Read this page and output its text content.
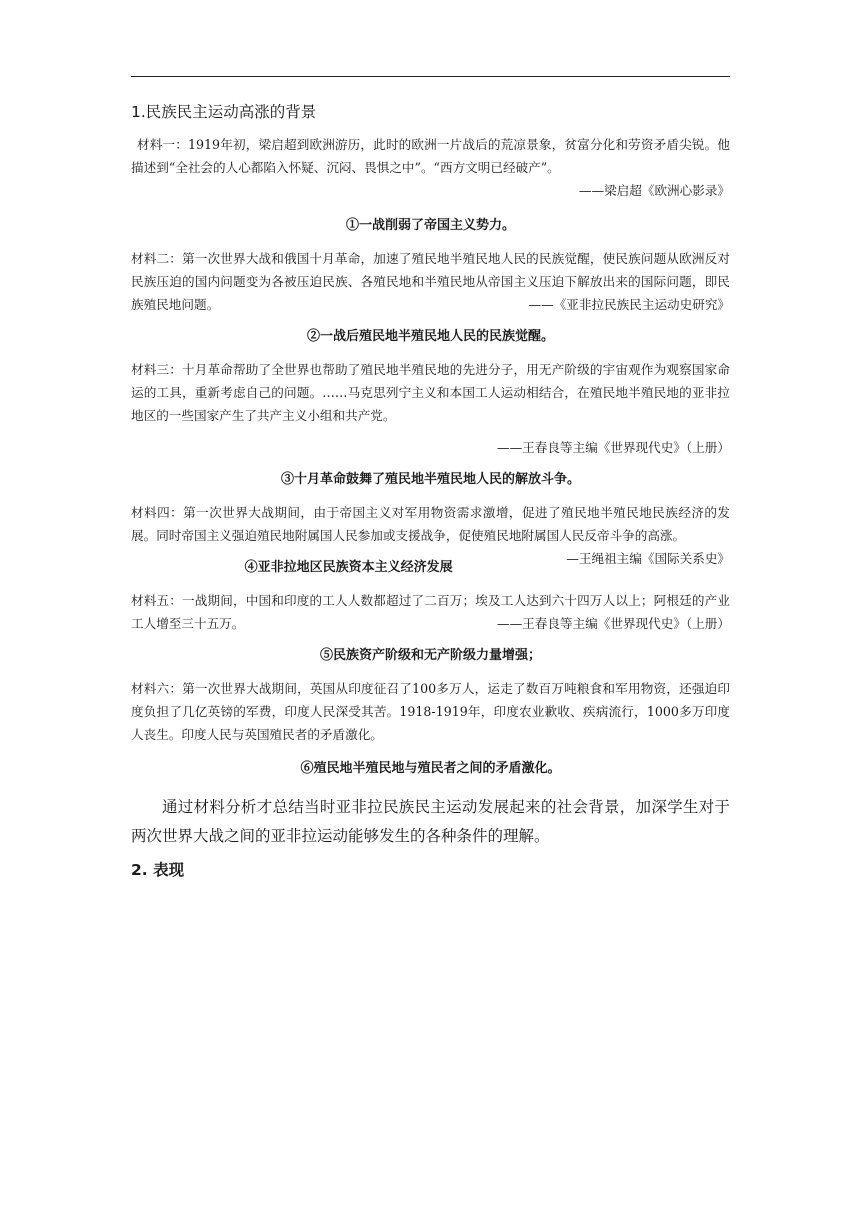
1.民族民主运动高涨的背景

材料一：1919年初，梁启超到欧洲游历，此时的欧洲一片战后的荒凉景象，贫富分化和劳资矛盾尖锐。他描述到“全社会的人心都陷入怀疑、沉闷、畏惧之中”。“西方文明已经破产”。

——梁启超《欧洲心影录》

①一战削弱了帝国主义势力。

材料二：第一次世界大战和俄国十月革命，加速了殖民地半殖民地人民的民族觉醒，使民族问题从欧洲反对民族压迫的国内问题变为各被压迫民族、各殖民地和半殖民地从帝国主义压迫下解放出来的国际问题，即民族殖民地问题。	——《亚非拉民族民主运动史研究》

②一战后殖民地半殖民地人民的民族觉醒。

材料三：十月革命帮助了全世界也帮助了殖民地半殖民地的先进分子，用无产阶级的宇宙观作为观察国家命运的工具，重新考虑自己的问题。……马克思列宁主义和本国工人运动相结合，在殖民地半殖民地的亚非拉地区的一些国家产生了共产主义小组和共产党。

——王春良等主编《世界现代史》（上册）

③十月革命鼓舞了殖民地半殖民地人民的解放斗争。

材料四：第一次世界大战期间，由于帝国主义对军用物资需求激增，促进了殖民地半殖民地民族经济的发展。同时帝国主义强迫殖民地附属国人民参加或支援战争，促使殖民地附属国人民反帝斗争的高涨。
—王绳祖主编《国际关系史》

④亚非拉地区民族资本主义经济发展

材料五：一战期间，中国和印度的工人人数都超过了二百万；埃及工人达到六十四万人以上；阿根廷的产业工人增至三十五万。	——王春良等主编《世界现代史》（上册）

⑤民族资产阶级和无产阶级力量增强；

材料六：第一次世界大战期间，英国从印度征召了100多万人，运走了数百万吨粮食和军用物资，还强迫印度负担了几亿英镑的军费，印度人民深受其苦。1918-1919年，印度农业歉收、疾病流行，1000多万印度人丧生。印度人民与英国殖民者的矛盾激化。

⑥殖民地半殖民地与殖民者之间的矛盾激化。

通过材料分析才总结当时亚非拉民族民主运动发展起来的社会背景，加深学生对于两次世界大战之间的亚非拉运动能够发生的各种条件的理解。

2. 表现
